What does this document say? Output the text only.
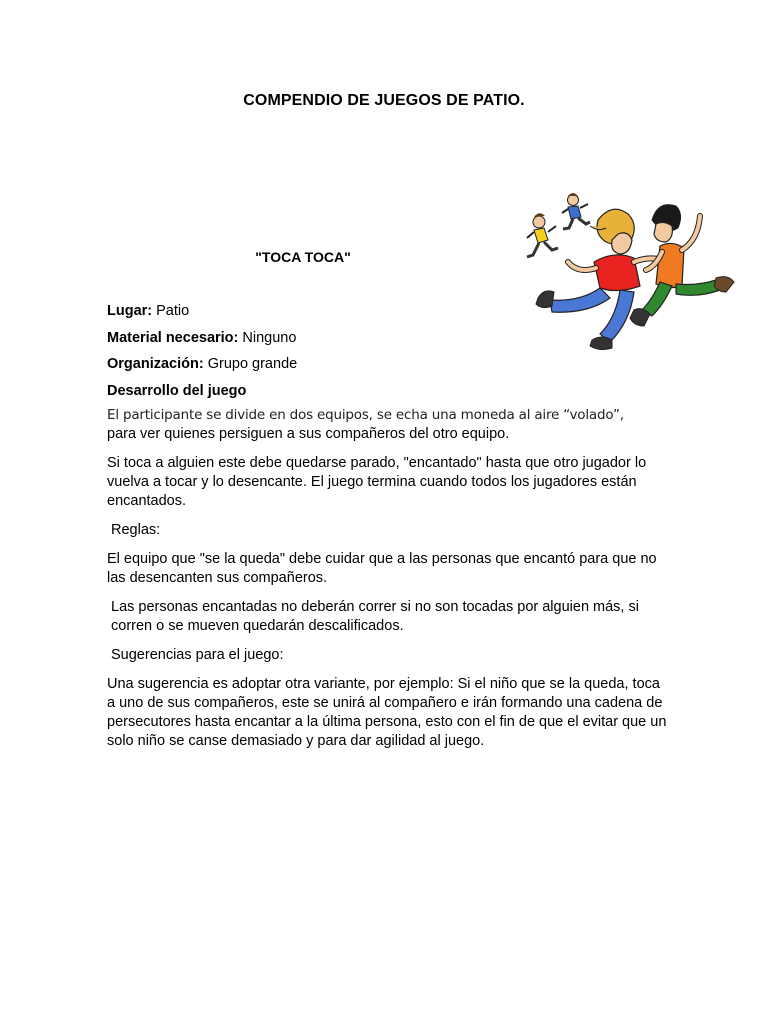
COMPENDIO DE JUEGOS DE PATIO.
"TOCA TOCA"
Lugar: Patio
Material necesario: Ninguno
Organización: Grupo grande
Desarrollo del juego
El participante se divide en dos equipos, se echa una moneda al aire “volado”,
para ver quienes persiguen a sus compañeros del otro equipo.
Si toca a alguien este debe quedarse parado, "encantado" hasta que otro jugador lo vuelva a tocar y lo desencante. El juego termina cuando todos los jugadores están encantados.
Reglas:
El equipo que "se la queda" debe cuidar que a las personas que encantó para que no las desencanten sus compañeros.
Las personas encantadas no deberán correr si no son tocadas por alguien más, si corren o se mueven quedarán descalificados.
Sugerencias para el juego:
Una sugerencia es adoptar otra variante, por ejemplo: Si el niño que se la queda, toca a uno de sus compañeros, este se unirá al compañero e irán formando una cadena de persecutores hasta encantar a la última persona, esto con el fin de que el evitar que un solo niño se canse demasiado y para dar agilidad al juego.
